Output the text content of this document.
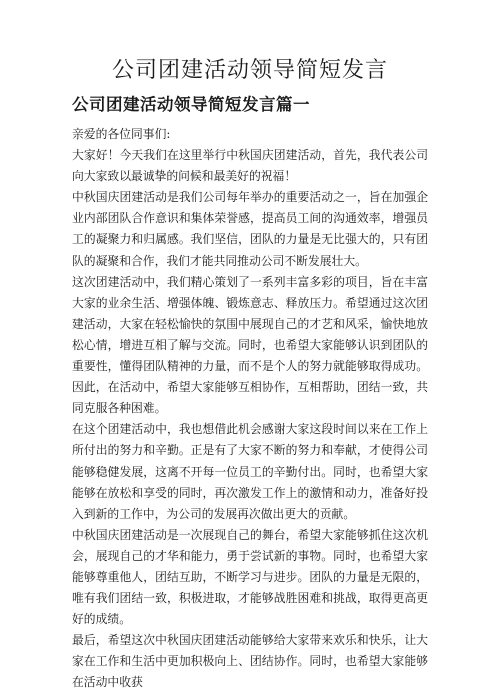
公司团建活动领导简短发言
公司团建活动领导简短发言篇一

亲爱的各位同事们:

大家好！今天我们在这里举行中秋国庆团建活动，首先，我代表公司向大家致以最诚挚的问候和最美好的祝福！

中秋国庆团建活动是我们公司每年举办的重要活动之一，旨在加强企业内部团队合作意识和集体荣誉感，提高员工间的沟通效率，增强员工的凝聚力和归属感。我们坚信，团队的力量是无比强大的，只有团队的凝聚和合作，我们才能共同推动公司不断发展壮大。

这次团建活动中，我们精心策划了一系列丰富多彩的项目，旨在丰富大家的业余生活、增强体魄、锻炼意志、释放压力。希望通过这次团建活动，大家在轻松愉快的氛围中展现自己的才艺和风采，愉快地放松心情，增进互相了解与交流。同时，也希望大家能够认识到团队的重要性，懂得团队精神的力量，而不是个人的努力就能够取得成功。因此，在活动中，希望大家能够互相协作，互相帮助，团结一致，共同克服各种困难。

在这个团建活动中，我也想借此机会感谢大家这段时间以来在工作上所付出的努力和辛勤。正是有了大家不断的努力和奉献，才使得公司能够稳健发展，这离不开每一位员工的辛勤付出。同时，也希望大家能够在放松和享受的同时，再次激发工作上的激情和动力，准备好投入到新的工作中，为公司的发展再次做出更大的贡献。

中秋国庆团建活动是一次展现自己的舞台，希望大家能够抓住这次机会，展现自己的才华和能力，勇于尝试新的事物。同时，也希望大家能够尊重他人，团结互助，不断学习与进步。团队的力量是无限的，唯有我们团结一致，积极进取，才能够战胜困难和挑战，取得更高更好的成绩。

最后，希望这次中秋国庆团建活动能够给大家带来欢乐和快乐，让大家在工作和生活中更加积极向上、团结协作。同时，也希望大家能够在活动中收获
